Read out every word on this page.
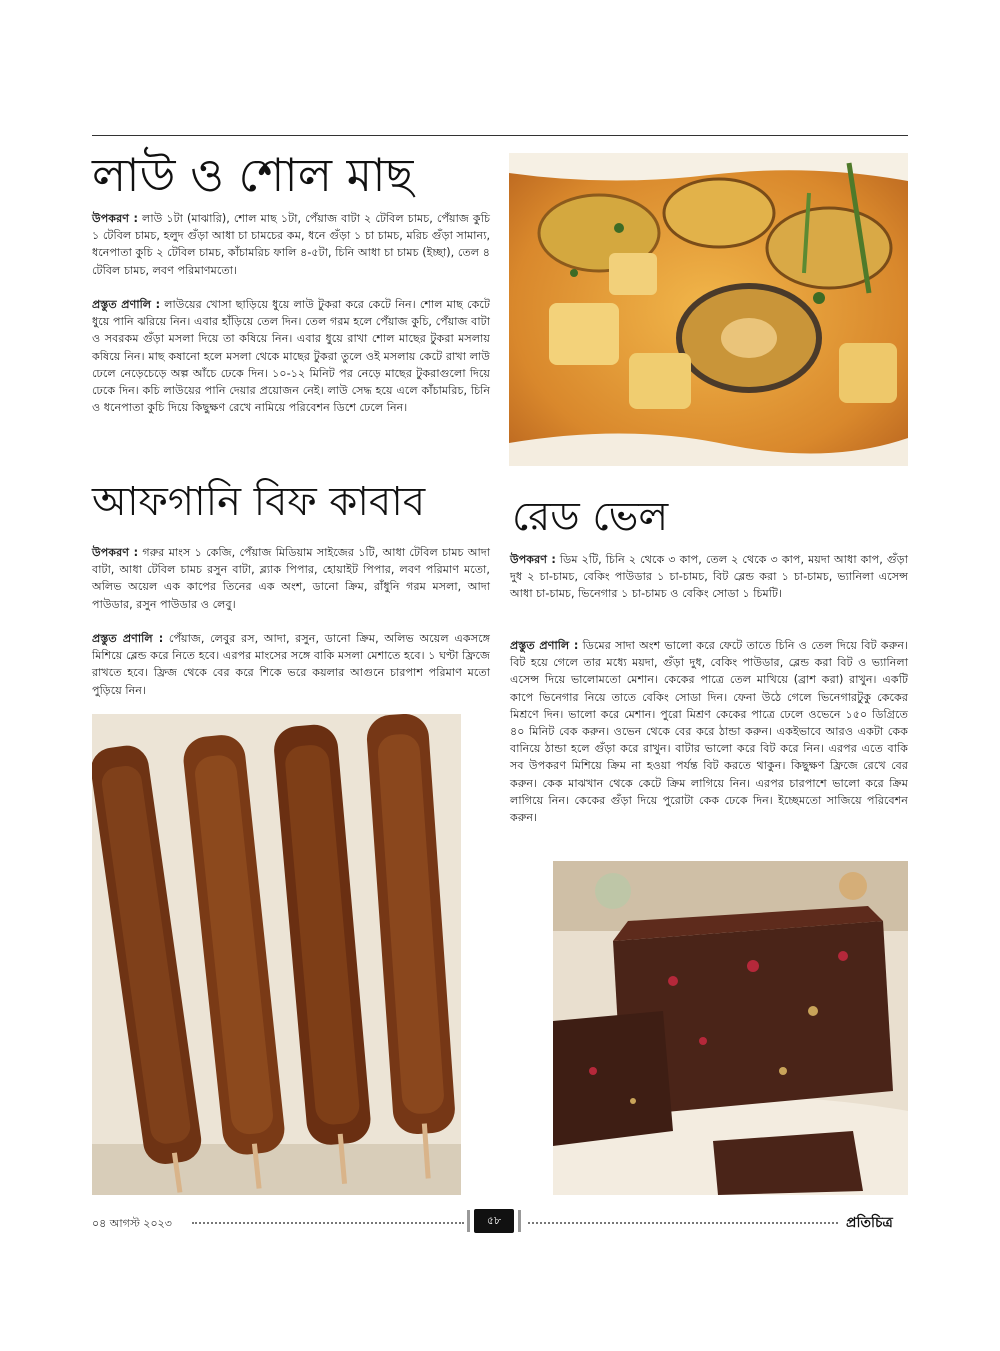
লাউ ও শোল মাছ

উপকরণ : লাউ ১টা (মাঝারি), শোল মাছ ১টা, পেঁয়াজ বাটা ২ টেবিল চামচ, পেঁয়াজ কুচি ১ টেবিল চামচ, হলুদ গুঁড়া আধা চা চামচের কম, ধনে গুঁড়া ১ চা চামচ, মরিচ গুঁড়া সামান্য, ধনেপাতা কুচি ২ টেবিল চামচ, কাঁচামরিচ ফালি ৪-৫টা, চিনি আধা চা চামচ (ইচ্ছা), তেল ৪ টেবিল চামচ, লবণ পরিমাণমতো।

প্রস্তুত প্রণালি : লাউয়ের খোসা ছাড়িয়ে ধুয়ে লাউ টুকরা করে কেটে নিন। শোল মাছ কেটে ধুয়ে পানি ঝরিয়ে নিন। এবার হাঁড়িয়ে তেল দিন। তেল গরম হলে পেঁয়াজ কুচি, পেঁয়াজ বাটা ও সবরকম গুঁড়া মসলা দিয়ে তা কষিয়ে নিন। এবার ধুয়ে রাখা শোল মাছের টুকরা মসলায় কষিয়ে নিন। মাছ কষানো হলে মসলা থেকে মাছের টুকরা তুলে ওই মসলায় কেটে রাখা লাউ ঢেলে নেড়েচেড়ে অল্প আঁচে ঢেকে দিন। ১০-১২ মিনিট পর নেড়ে মাছের টুকরাগুলো দিয়ে ঢেকে দিন। কচি লাউয়ের পানি দেয়ার প্রয়োজন নেই। লাউ সেদ্ধ হয়ে এলে কাঁচামরিচ, চিনি ও ধনেপাতা কুচি দিয়ে কিছুক্ষণ রেখে নামিয়ে পরিবেশন ডিশে ঢেলে নিন।

আফগানি বিফ কাবাব

উপকরণ : গরুর মাংস ১ কেজি, পেঁয়াজ মিডিয়াম সাইজের ১টি, আধা টেবিল চামচ আদা বাটা, আধা টেবিল চামচ রসুন বাটা, ব্ল্যাক পিপার, হোয়াইট পিপার, লবণ পরিমাণ মতো, অলিভ অয়েল এক কাপের তিনের এক অংশ, ডানো ক্রিম, রাঁধুনি গরম মসলা, আদা পাউডার, রসুন পাউডার ও লেবু।

প্রস্তুত প্রণালি : পেঁয়াজ, লেবুর রস, আদা, রসুন, ডানো ক্রিম, অলিভ অয়েল একসঙ্গে মিশিয়ে ব্লেন্ড করে নিতে হবে। এরপর মাংসের সঙ্গে বাকি মসলা মেশাতে হবে। ১ ঘণ্টা ফ্রিজে রাখতে হবে। ফ্রিজ থেকে বের করে শিকে ভরে কয়লার আগুনে চারপাশ পরিমাণ মতো পুড়িয়ে নিন।

রেড ভেল

উপকরণ : ডিম ২টি, চিনি ২ থেকে ৩ কাপ, তেল ২ থেকে ৩ কাপ, ময়দা আধা কাপ, গুঁড়া দুধ ২ চা-চামচ, বেকিং পাউডার ১ চা-চামচ, বিট ব্লেন্ড করা ১ চা-চামচ, ভ্যানিলা এসেন্স আধা চা-চামচ, ভিনেগার ১ চা-চামচ ও বেকিং সোডা ১ চিমটি।

প্রস্তুত প্রণালি : ডিমের সাদা অংশ ভালো করে ফেটে তাতে চিনি ও তেল দিয়ে বিট করুন। বিট হয়ে গেলে তার মধ্যে ময়দা, গুঁড়া দুধ, বেকিং পাউডার, ব্লেন্ড করা বিট ও ভ্যানিলা এসেন্স দিয়ে ভালোমতো মেশান। কেকের পাত্রে তেল মাখিয়ে (ব্রাশ করা) রাখুন। একটি কাপে ভিনেগার নিয়ে তাতে বেকিং সোডা দিন। ফেনা উঠে গেলে ভিনেগারটুকু কেকের মিশ্রণে দিন। ভালো করে মেশান। পুরো মিশ্রণ কেকের পাত্রে ঢেলে ওভেনে ১৫০ ডিগ্রিতে ৪০ মিনিট বেক করুন। ওভেন থেকে বের করে ঠান্ডা করুন। একইভাবে আরও একটা কেক বানিয়ে ঠান্ডা হলে গুঁড়া করে রাখুন। বাটার ভালো করে বিট করে নিন। এরপর এতে বাকি সব উপকরণ মিশিয়ে ক্রিম না হওয়া পর্যন্ত বিট করতে থাকুন। কিছুক্ষণ ফ্রিজে রেখে বের করুন। কেক মাঝখান থেকে কেটে ক্রিম লাগিয়ে নিন। এরপর চারপাশে ভালো করে ক্রিম লাগিয়ে নিন। কেকের গুঁড়া দিয়ে পুরোটা কেক ঢেকে দিন। ইচ্ছেমতো সাজিয়ে পরিবেশন করুন।

০৪ আগস্ট ২০২৩	৫৮	প্রতিচিত্র
